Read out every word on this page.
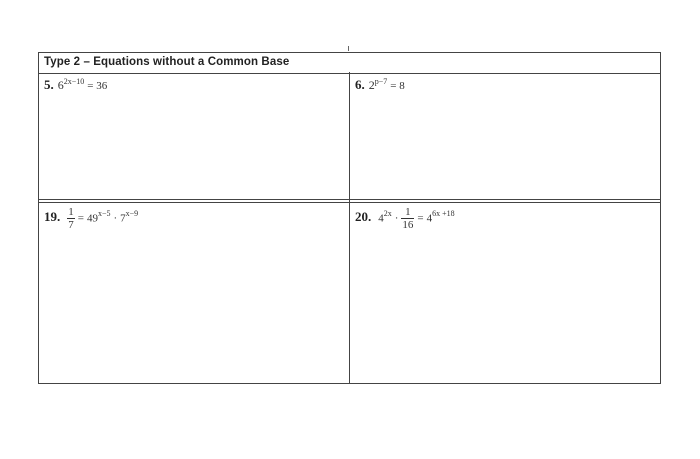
Type 2 – Equations without a Common Base
5. $6^{2x-10} = 36$	6. $2^{p-7} = 8$
19. $\frac{1}{7} = 49^{x-5} \cdot 7^{x-9}$	20. $4^{2x} \cdot \frac{1}{16} = 4^{6x +18}$
